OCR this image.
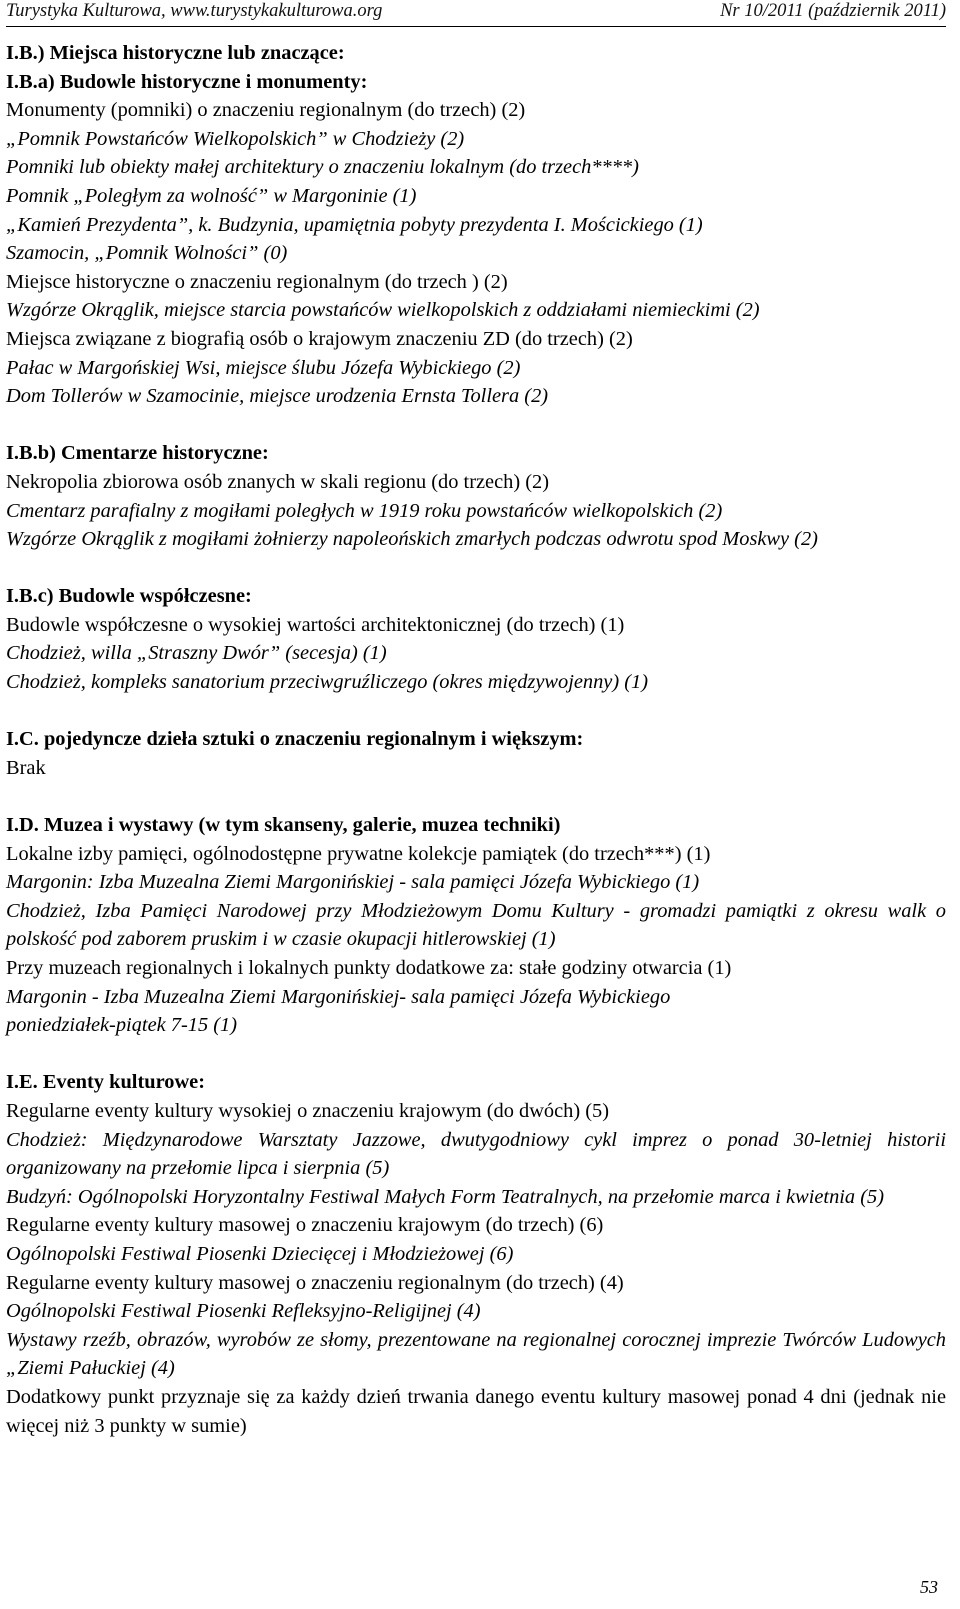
Turystyka Kulturowa, www.turystykakulturowa.org	Nr 10/2011 (październik 2011)
I.B.) Miejsca historyczne lub znaczące:
I.B.a) Budowle historyczne i monumenty:
Monumenty (pomniki) o znaczeniu regionalnym (do trzech) (2)
„Pomnik Powstańców Wielkopolskich” w Chodzieży (2)
Pomniki lub obiekty małej architektury o znaczeniu lokalnym (do trzech****)
Pomnik „Poległym za wolność” w Margoninie (1)
„Kamień Prezydenta”, k. Budzynia, upamiętnia pobyty prezydenta I. Mościckiego (1)
Szamocin, „Pomnik Wolności” (0)
Miejsce historyczne o znaczeniu regionalnym (do trzech ) (2)
Wzgórze Okrąglik, miejsce starcia powstańców wielkopolskich z oddziałami niemieckimi (2)
Miejsca związane z biografią osób o krajowym znaczeniu ZD (do trzech) (2)
Pałac w Margońskiej Wsi, miejsce ślubu Józefa Wybickiego (2)
Dom Tollerów w Szamocinie, miejsce urodzenia Ernsta Tollera (2)
I.B.b) Cmentarze historyczne:
Nekropolia zbiorowa osób znanych w skali regionu (do trzech) (2)
Cmentarz parafialny z mogiłami poległych w 1919 roku powstańców wielkopolskich (2)
Wzgórze Okrąglik z mogiłami żołnierzy napoleońskich zmarłych podczas odwrotu spod Moskwy (2)
I.B.c) Budowle współczesne:
Budowle współczesne o wysokiej wartości architektonicznej (do trzech) (1)
Chodzież, willa „Straszny Dwór” (secesja) (1)
Chodzież, kompleks sanatorium przeciwgruźliczego (okres międzywojenny) (1)
I.C. pojedyncze dzieła sztuki o znaczeniu regionalnym i większym:
Brak
I.D. Muzea i wystawy (w tym skanseny, galerie, muzea techniki)
Lokalne izby pamięci, ogólnodostępne prywatne kolekcje pamiątek (do trzech***) (1)
Margonin: Izba Muzealna Ziemi Margonińskiej - sala pamięci Józefa Wybickiego (1)
Chodzież, Izba Pamięci Narodowej przy Młodzieżowym Domu Kultury - gromadzi pamiątki z okresu walk o polskość pod zaborem pruskim i w czasie okupacji hitlerowskiej (1)
Przy muzeach regionalnych i lokalnych punkty dodatkowe za: stałe godziny otwarcia (1)
Margonin - Izba Muzealna Ziemi Margonińskiej- sala pamięci Józefa Wybickiego
poniedziałek-piątek 7-15 (1)
I.E. Eventy kulturowe:
Regularne eventy kultury wysokiej o znaczeniu krajowym (do dwóch) (5)
Chodzież: Międzynarodowe Warsztaty Jazzowe, dwutygodniowy cykl imprez o ponad 30-letniej historii organizowany na przełomie lipca i sierpnia (5)
Budzyń: Ogólnopolski Horyzontalny Festiwal Małych Form Teatralnych, na przełomie marca i kwietnia (5)
Regularne eventy kultury masowej o znaczeniu krajowym (do trzech) (6)
Ogólnopolski Festiwal Piosenki Dziecięcej i Młodzieżowej (6)
Regularne eventy kultury masowej o znaczeniu regionalnym (do trzech) (4)
Ogólnopolski Festiwal Piosenki Refleksyjno-Religijnej (4)
Wystawy rzeźb, obrazów, wyrobów ze słomy, prezentowane na regionalnej corocznej imprezie Twórców Ludowych „Ziemi Pałuckiej (4)
Dodatkowy punkt przyznaje się za każdy dzień trwania danego eventu kultury masowej ponad 4 dni (jednak nie więcej niż 3 punkty w sumie)
53
